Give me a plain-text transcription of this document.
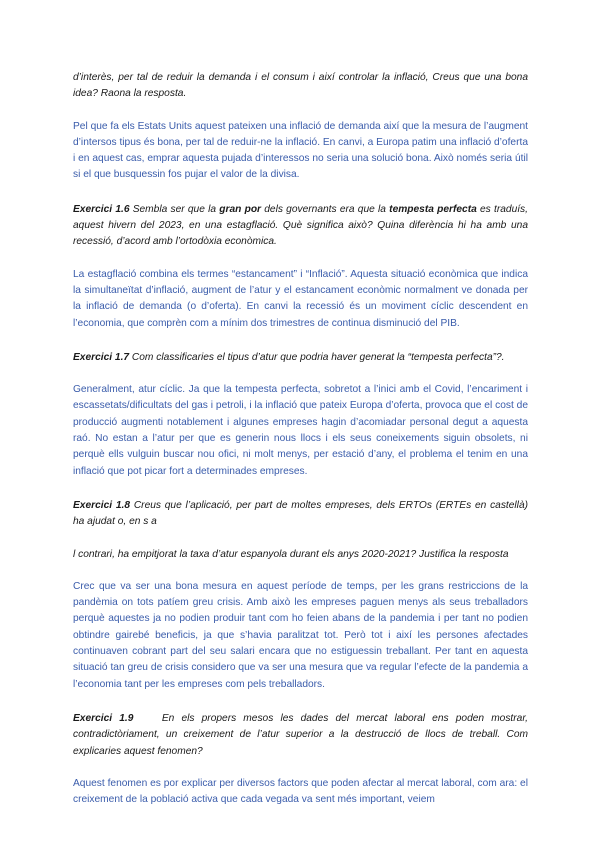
d’interès, per tal de reduir la demanda i el consum i així controlar la inflació, Creus que una bona idea? Raona la resposta.

Pel que fa els Estats Units aquest pateixen una inflació de demanda així que la mesura de l’augment d’intersos tipus és bona, per tal de reduir-ne la inflació. En canvi, a Europa patim una inflació d’oferta i en aquest cas, emprar aquesta pujada d’interessos no seria una solució bona. Això només seria útil si el que busquessin fos pujar el valor de la divisa.

Exercici 1.6 Sembla ser que la gran por dels governants era que la tempesta perfecta es traduís, aquest hivern del 2023, en una estagflació. Què significa això? Quina diferència hi ha amb una recessió, d’acord amb l’ortodòxia econòmica.

La estagflació combina els termes “estancament” i “Inflació”. Aquesta situació econòmica que indica la simultaneïtat d’inflació, augment de l’atur y el estancament econòmic normalment ve donada per la inflació de demanda (o d’oferta). En canvi la recessió és un moviment cíclic descendent en l’economia, que comprèn com a mínim dos trimestres de continua disminució del PIB.

Exercici 1.7 Com classificaries el tipus d’atur que podria haver generat la “tempesta perfecta”?.

Generalment, atur cíclic. Ja que la tempesta perfecta, sobretot a l’inici amb el Covid, l’encariment i escassetats/dificultats del gas i petroli, i la inflació que pateix Europa d’oferta, provoca que el cost de producció augmenti notablement i algunes empreses hagin d’acomiadar personal degut a aquesta raó. No estan a l’atur per que es generin nous llocs i els seus coneixements siguin obsolets, ni perquè ells vulguin buscar nou ofici, ni molt menys, per estació d’any, el problema el tenim en una inflació que pot picar fort a determinades empreses.

Exercici 1.8 Creus que l’aplicació, per part de moltes empreses, dels ERTOs (ERTEs en castellà) ha ajudat o, en s a

l contrari, ha empitjorat la taxa d’atur espanyola durant els anys 2020-2021? Justifica la resposta

Crec que va ser una bona mesura en aquest període de temps, per les grans restriccions de la pandèmia on tots patíem greu crisis. Amb això les empreses paguen menys als seus treballadors perquè aquestes ja no podien produir tant com ho feien abans de la pandemia i per tant no podien obtindre gairebé beneficis, ja que s’havia paralitzat tot. Però tot i així les persones afectades continuaven cobrant part del seu salari encara que no estiguessin treballant. Per tant en aquesta situació tan greu de crisis considero que va ser una mesura que va regular l’efecte de la pandemia a l’economia tant per les empreses com pels treballadors.

Exercici 1.9    En els propers mesos les dades del mercat laboral ens poden mostrar, contradictòriament, un creixement de l’atur superior a la destrucció de llocs de treball. Com explicaries aquest fenomen?

Aquest fenomen es por explicar per diversos factors que poden afectar al mercat laboral, com ara: el creixement de la població activa que cada vegada va sent més important, veiem
